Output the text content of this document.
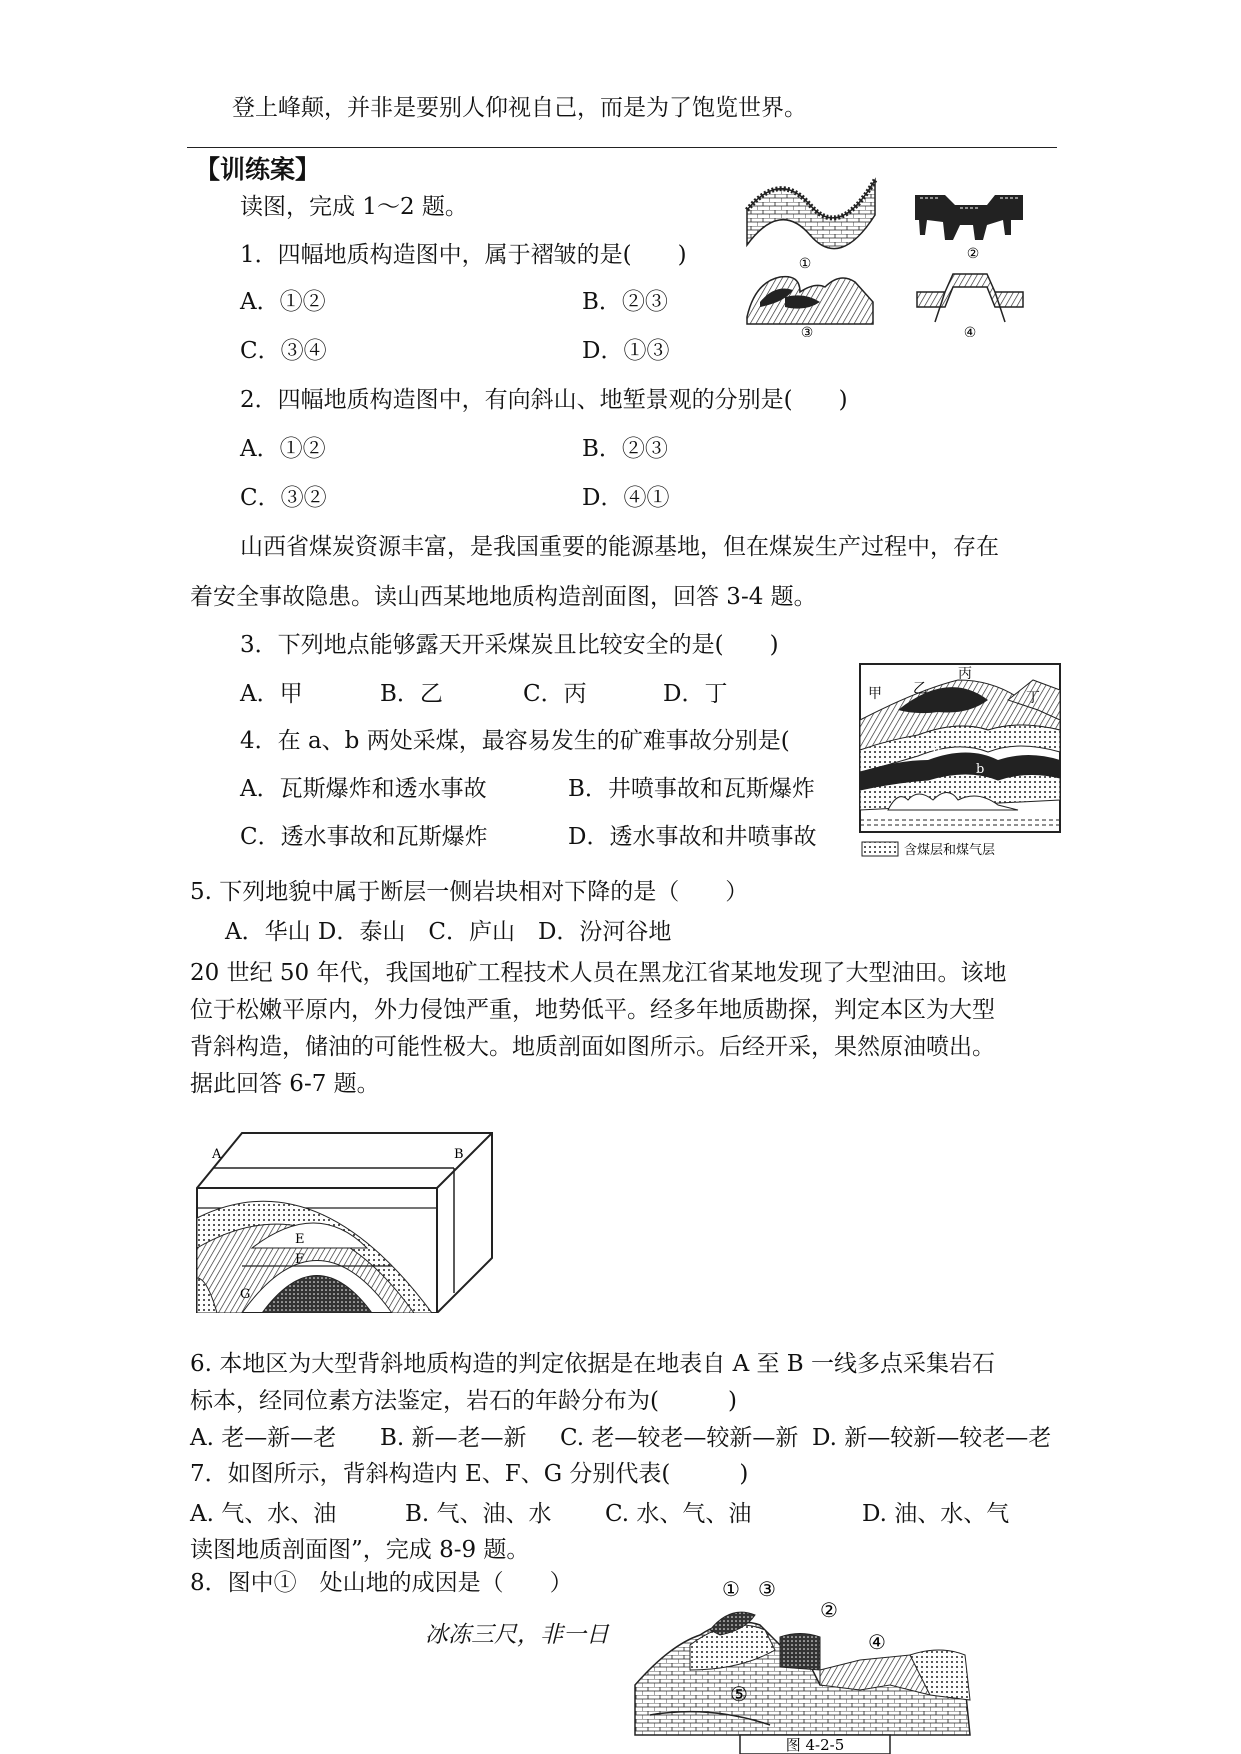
登上峰颠，并非是要别人仰视自己，而是为了饱览世界。
【训练案】
读图，完成 1～2 题。
1．四幅地质构造图中，属于褶皱的是(　　)
A．①②	B．②③
C．③④	D．①③
2．四幅地质构造图中，有向斜山、地堑景观的分别是(　　)
A．①②	B．②③
C．③②	D．④①
①
②
③	④
山西省煤炭资源丰富，是我国重要的能源基地，但在煤炭生产过程中，存在
着安全事故隐患。读山西某地地质构造剖面图，回答 3-4 题。
3．下列地点能够露天开采煤炭且比较安全的是(　　)
A．甲	B．乙	C．丙	D．丁
4．在 a、b 两处采煤，最容易发生的矿难事故分别是(
A．瓦斯爆炸和透水事故	B．井喷事故和瓦斯爆炸
C．透水事故和瓦斯爆炸	D．透水事故和井喷事故
甲 乙
丙
丁
a
b
含煤层和煤气层
5. 下列地貌中属于断层一侧岩块相对下降的是（　　）
A．华山 D．泰山　C．庐山　D．汾河谷地
20 世纪 50 年代，我国地矿工程技术人员在黑龙江省某地发现了大型油田。该地
位于松嫩平原内，外力侵蚀严重，地势低平。经多年地质勘探，判定本区为大型
背斜构造，储油的可能性极大。地质剖面如图所示。后经开采，果然原油喷出。
据此回答 6-7 题。
A	B
E
F
G
6. 本地区为大型背斜地质构造的判定依据是在地表自 A 至 B 一线多点采集岩石
标本，经同位素方法鉴定，岩石的年龄分布为(　　　)
A. 老—新—老 B. 新—老—新 C. 老—较老—较新—新 D. 新—较新—较老—老
7．如图所示，背斜构造内 E、F、G 分别代表(　　　)
A. 气、水、油	B. 气、油、水 C. 水、气、油	D. 油、水、气
读图地质剖面图”，完成 8-9 题。
8．图中①　处山地的成因是（　　）
冰冻三尺，非一日
① ③
②
④
⑤
图 4-2-5
